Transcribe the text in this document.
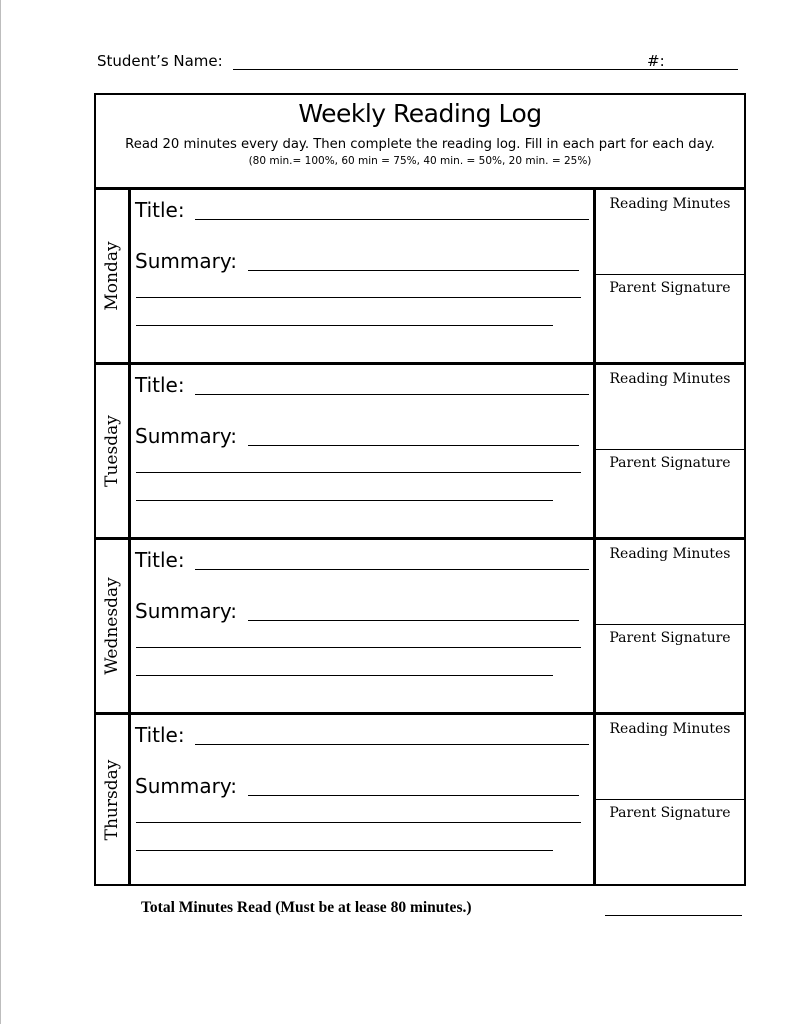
Student’s Name:	#:
Weekly Reading Log
Read 20 minutes every day. Then complete the reading log. Fill in each part for each day.
(80 min.= 100%, 60 min = 75%, 40 min. = 50%, 20 min. = 25%)
Monday
Title:
Summary:
Reading Minutes
Parent Signature
Tuesday
Title:
Summary:
Reading Minutes
Parent Signature
Wednesday
Title:
Summary:
Reading Minutes
Parent Signature
Thursday
Title:
Summary:
Reading Minutes
Parent Signature
Total Minutes Read (Must be at lease 80 minutes.)
